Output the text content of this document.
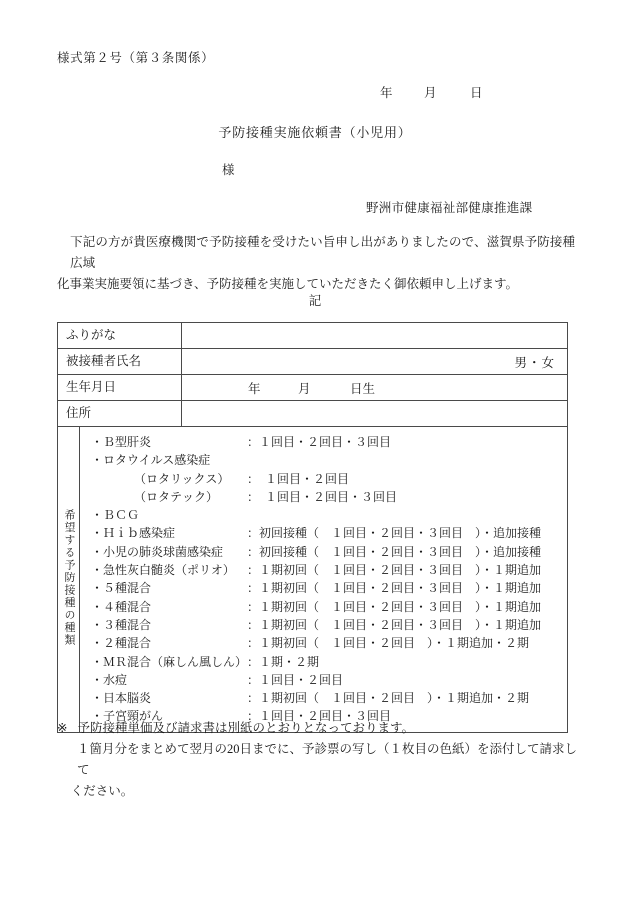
様式第２号（第３条関係）
年	月	日
予防接種実施依頼書（小児用）
様
野洲市健康福祉部健康推進課
下記の方が貴医療機関で予防接種を受けたい旨申し出がありましたので、滋賀県予防接種広域
化事業実施要領に基づき、予防接種を実施していただきたく御依頼申し上げます。
記
ふりがな		
被接種者氏名		男・女

生年月日		年 月 日生

住所		
希望する予防接種の種類	
・Ｂ型肝炎	：１回目・２回目・３回目
・ロタウイルス感染症
（ロタリックス）	：　１回目・２回目
（ロタテック）	：　１回目・２回目・３回目
・ＢＣＧ
・Ｈｉｂ感染症	：初回接種（　１回目・２回目・３回目　）・追加接種
・小児の肺炎球菌感染症	：初回接種（　１回目・２回目・３回目　）・追加接種
・急性灰白髄炎（ポリオ）	：１期初回（　１回目・２回目・３回目　）・１期追加
・５種混合	：１期初回（　１回目・２回目・３回目　）・１期追加
・４種混合	：１期初回（　１回目・２回目・３回目　）・１期追加
・３種混合	：１期初回（　１回目・２回目・３回目　）・１期追加
・２種混合	：１期初回（　１回目・２回目　）・１期追加・２期
・ＭＲ混合（麻しん風しん） ：１期・２期
・水痘	：１回目・２回目
・日本脳炎	：１期初回（　１回目・２回目　）・１期追加・２期
・子宮頸がん	：１回目・２回目・３回目
※ 予防接種単価及び請求書は別紙のとおりとなっております。
１箇月分をまとめて翌月の20日までに、予診票の写し（１枚目の色紙）を添付して請求して
ください。
